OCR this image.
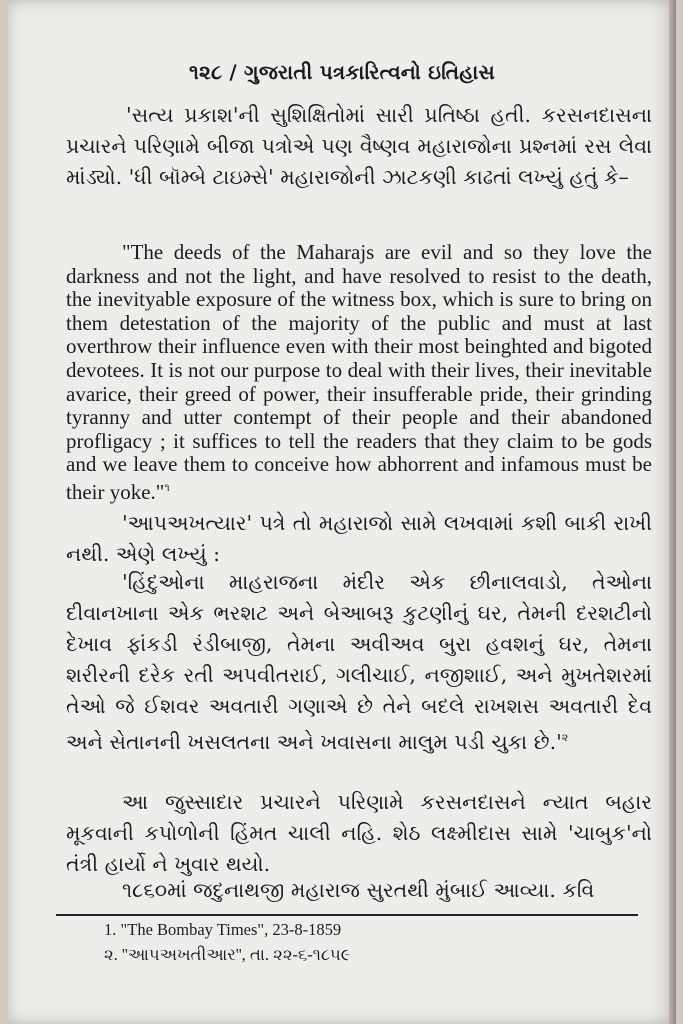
૧૨૮ / ગુજરાતી પત્રકારિત્વનો ઇતિહાસ
'સત્ય પ્રકાશ'ની સુશિક્ષિતોમાં સારી પ્રતિષ્ઠા હતી. કરસનદાસના પ્રચારને પરિણામે બીજા પત્રોએ પણ વૈષ્ણવ મહારાજોના પ્રશ્નમાં રસ લેવા માંડ્યો. 'ધી બૉમ્બે ટાઇમ્સે' મહારાજોની ઝાટકણી કાઢતાં લખ્યું હતું કે–
"The deeds of the Maharajs are evil and so they love the darkness and not the light, and have resolved to resist to the death, the inevityable exposure of the witness box, which is sure to bring on them detestation of the majority of the public and must at last overthrow their influence even with their most beinghted and bigoted devotees. It is not our purpose to deal with their lives, their inevitable avarice, their greed of power, their insufferable pride, their grinding tyranny and utter contempt of their people and their abandoned profligacy ; it suffices to tell the readers that they claim to be gods and we leave them to conceive how abhorrent and infamous must be their yoke."$^૧$
'આપઅખત્યાર' પત્રે તો મહારાજો સામે લખવામાં કશી બાકી રાખી નથી. એણે લખ્યું :
'હિંદુઓના માહરાજના મંદીર એક છીનાલવાડો, તેઓના દીવાનખાના એક ભરશટ અને બેઆબરૂ કુટણીનું ઘર, તેમની દરશટીનો દેખાવ ફાંકડી રંડીબાજી, તેમના અવીઅવ બુરા હવશનું ઘર, તેમના શરીરની દરેક રતી અપવીતરાઈ, ગલીચાઈ, નજીશાઈ, અને મુખતેશરમાં તેઓ જે ઈશવર અવતારી ગણાએ છે તેને બદલે રાખશસ અવતારી દેવ અને સેતાનની ખસલતના અને ખવાસના માલુમ પડી ચુકા $છે.'^૨$
આ જુસ્સાદાર પ્રચારને પરિણામે કરસનદાસને ન્યાત બહાર મૂકવાની કપોળોની હિંમત ચાલી નહિ. શેઠ લક્ષ્મીદાસ સામે 'ચાબુક'નો તંત્રી હાર્યો ને ખુવાર થયો.
૧૮૬૦માં જદુનાથજી મહારાજ સુરતથી મુંબાઈ આવ્યા. કવિ
1. "The Bombay Times", 23-8-1859
૨. ''આપઅખતીઆર'', તા. ૨૨-૬-૧૮૫૯
